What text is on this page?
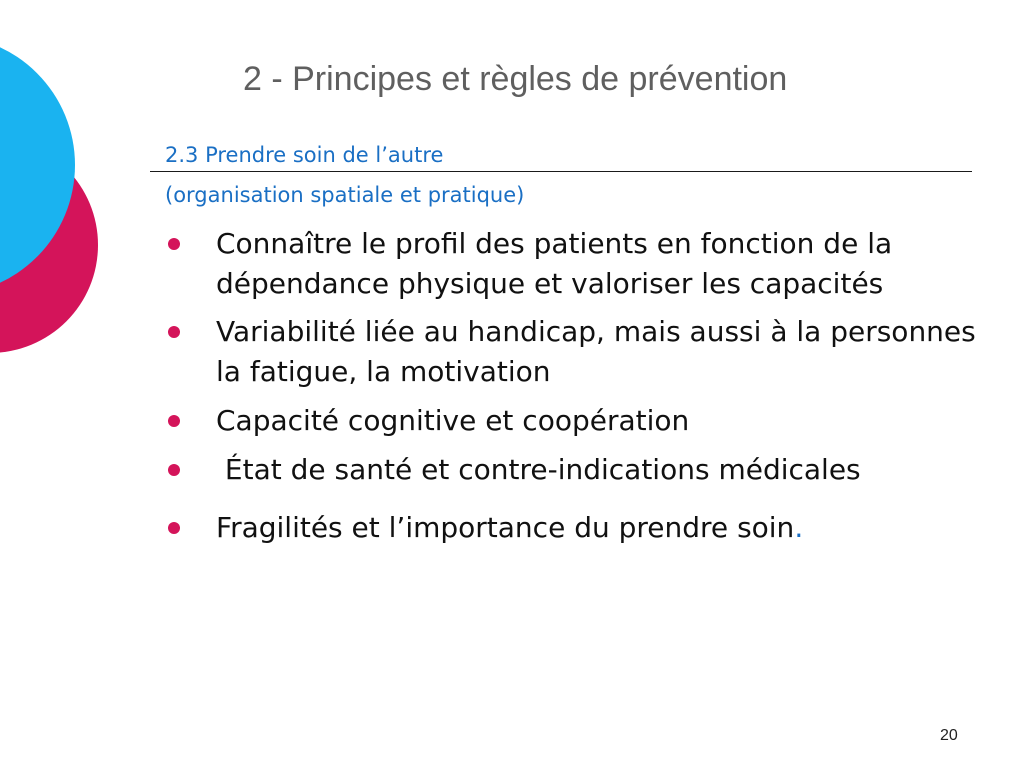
2 - Principes et règles de prévention
2.3 Prendre soin de l’autre
(organisation spatiale et pratique)
Connaître le profil des patients en fonction de la dépendance physique et valoriser les capacités
Variabilité liée au handicap, mais aussi à la personnes la fatigue, la motivation
Capacité cognitive et coopération
État de santé et contre-indications médicales
Fragilités et l’importance du prendre soin.
20
